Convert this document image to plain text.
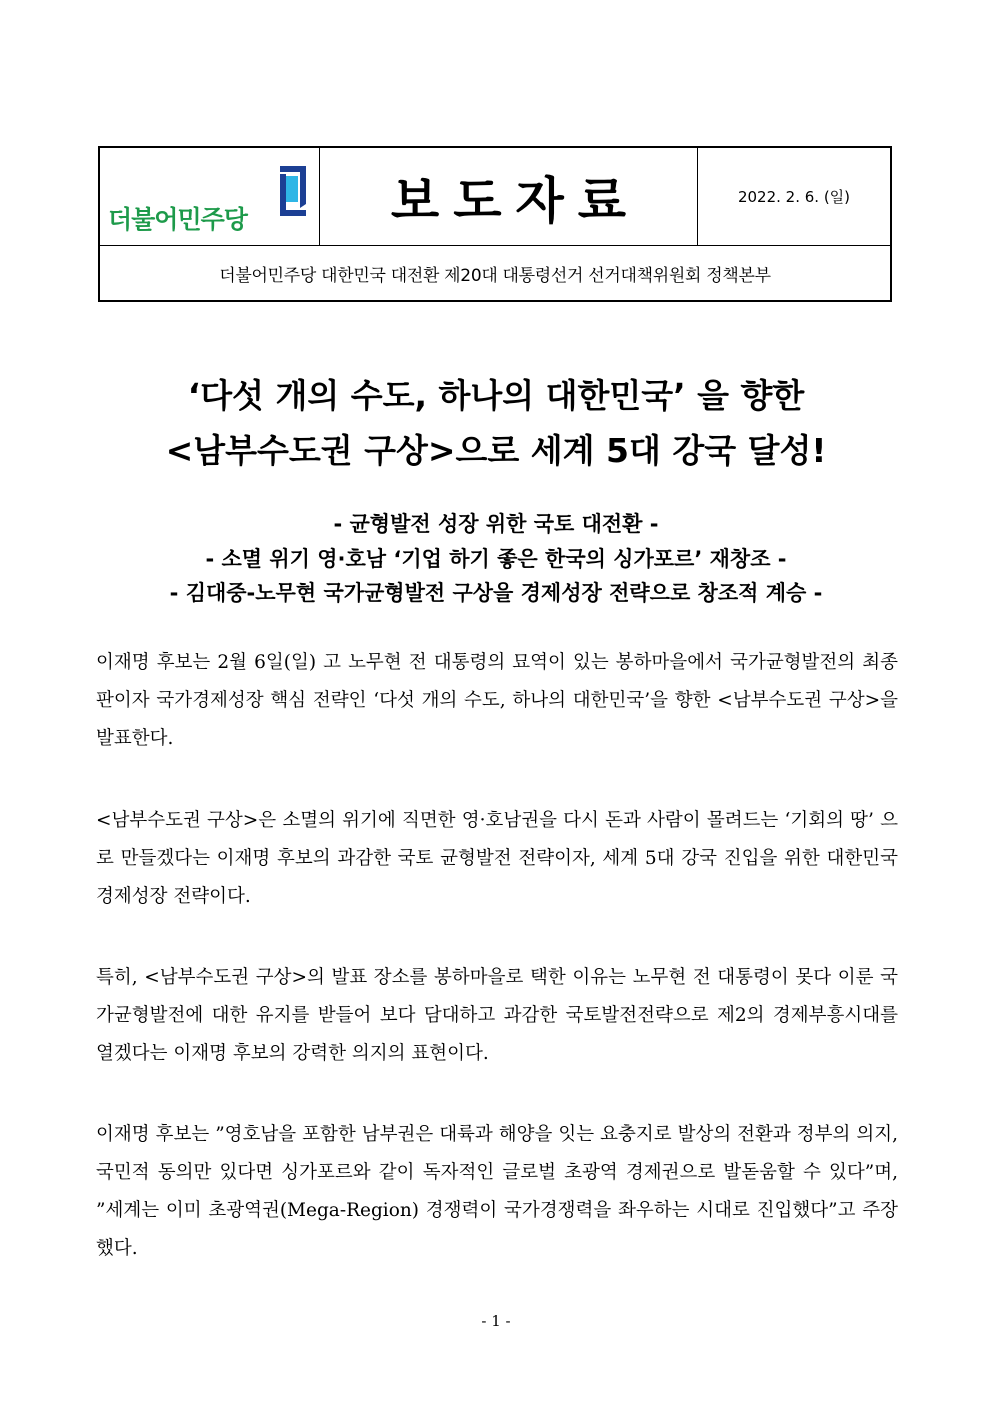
더불어민주당	보도자료	2022. 2. 6. (일)
더불어민주당 대한민국 대전환 제20대 대통령선거 선거대책위원회 정책본부
‘다섯 개의 수도, 하나의 대한민국’ 을 향한
<남부수도권 구상>으로 세계 5대 강국 달성!
- 균형발전 성장 위한 국토 대전환 -
- 소멸 위기 영·호남 ‘기업 하기 좋은 한국의 싱가포르’ 재창조 -
- 김대중-노무현 국가균형발전 구상을 경제성장 전략으로 창조적 계승 -
이재명 후보는 2월 6일(일) 고 노무현 전 대통령의 묘역이 있는 봉하마을에서 국가균형발전의 최종판이자 국가경제성장 핵심 전략인 ‘다섯 개의 수도, 하나의 대한민국’을 향한 <남부수도권 구상>을 발표한다.
<남부수도권 구상>은 소멸의 위기에 직면한 영·호남권을 다시 돈과 사람이 몰려드는 ‘기회의 땅’ 으로 만들겠다는 이재명 후보의 과감한 국토 균형발전 전략이자, 세계 5대 강국 진입을 위한 대한민국 경제성장 전략이다.
특히, <남부수도권 구상>의 발표 장소를 봉하마을로 택한 이유는 노무현 전 대통령이 못다 이룬 국가균형발전에 대한 유지를 받들어 보다 담대하고 과감한 국토발전전략으로 제2의 경제부흥시대를 열겠다는 이재명 후보의 강력한 의지의 표현이다.
이재명 후보는 ”영호남을 포함한 남부권은 대륙과 해양을 잇는 요충지로 발상의 전환과 정부의 의지, 국민적 동의만 있다면 싱가포르와 같이 독자적인 글로벌 초광역 경제권으로 발돋움할 수 있다”며, ”세계는 이미 초광역권(Mega-Region) 경쟁력이 국가경쟁력을 좌우하는 시대로 진입했다”고 주장했다.
- 1 -
